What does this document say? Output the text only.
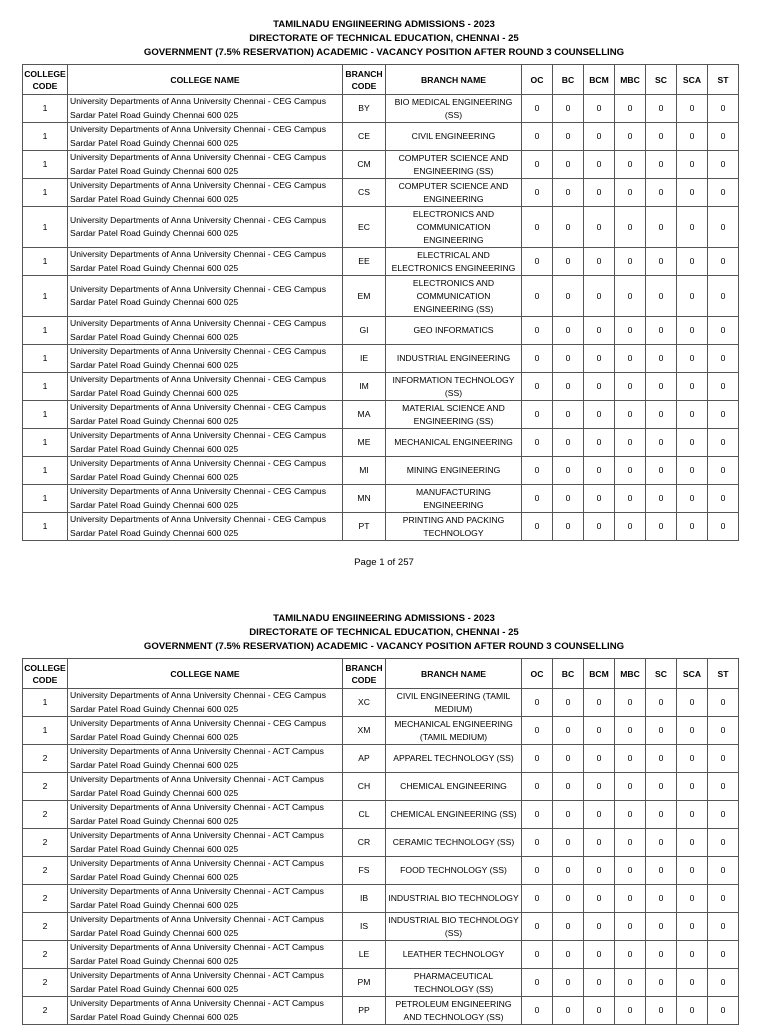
TAMILNADU ENGIINEERING ADMISSIONS - 2023
DIRECTORATE OF TECHNICAL EDUCATION, CHENNAI - 25
GOVERNMENT (7.5% RESERVATION) ACADEMIC - VACANCY POSITION AFTER ROUND 3 COUNSELLING
COLLEGE CODE	COLLEGE NAME	BRANCH CODE	BRANCH NAME	OC	BC	BCM	MBC	SC	SCA	ST
1	University Departments of Anna University Chennai - CEG Campus Sardar Patel Road Guindy Chennai 600 025	BY	BIO MEDICAL ENGINEERING (SS)	0	0	0	0	0	0	0
1	University Departments of Anna University Chennai - CEG Campus Sardar Patel Road Guindy Chennai 600 025	CE	CIVIL ENGINEERING	0	0	0	0	0	0	0
1	University Departments of Anna University Chennai - CEG Campus Sardar Patel Road Guindy Chennai 600 025	CM	COMPUTER SCIENCE AND ENGINEERING (SS)	0	0	0	0	0	0	0
1	University Departments of Anna University Chennai - CEG Campus Sardar Patel Road Guindy Chennai 600 025	CS	COMPUTER SCIENCE AND ENGINEERING	0	0	0	0	0	0	0
1	University Departments of Anna University Chennai - CEG Campus Sardar Patel Road Guindy Chennai 600 025	EC	ELECTRONICS AND COMMUNICATION ENGINEERING	0	0	0	0	0	0	0
1	University Departments of Anna University Chennai - CEG Campus Sardar Patel Road Guindy Chennai 600 025	EE	ELECTRICAL AND ELECTRONICS ENGINEERING	0	0	0	0	0	0	0
1	University Departments of Anna University Chennai - CEG Campus Sardar Patel Road Guindy Chennai 600 025	EM	ELECTRONICS AND COMMUNICATION ENGINEERING (SS)	0	0	0	0	0	0	0
1	University Departments of Anna University Chennai - CEG Campus Sardar Patel Road Guindy Chennai 600 025	GI	GEO INFORMATICS	0	0	0	0	0	0	0
1	University Departments of Anna University Chennai - CEG Campus Sardar Patel Road Guindy Chennai 600 025	IE	INDUSTRIAL ENGINEERING	0	0	0	0	0	0	0
1	University Departments of Anna University Chennai - CEG Campus Sardar Patel Road Guindy Chennai 600 025	IM	INFORMATION TECHNOLOGY (SS)	0	0	0	0	0	0	0
1	University Departments of Anna University Chennai - CEG Campus Sardar Patel Road Guindy Chennai 600 025	MA	MATERIAL SCIENCE AND ENGINEERING (SS)	0	0	0	0	0	0	0
1	University Departments of Anna University Chennai - CEG Campus Sardar Patel Road Guindy Chennai 600 025	ME	MECHANICAL ENGINEERING	0	0	0	0	0	0	0
1	University Departments of Anna University Chennai - CEG Campus Sardar Patel Road Guindy Chennai 600 025	MI	MINING ENGINEERING	0	0	0	0	0	0	0
1	University Departments of Anna University Chennai - CEG Campus Sardar Patel Road Guindy Chennai 600 025	MN	MANUFACTURING ENGINEERING	0	0	0	0	0	0	0
1	University Departments of Anna University Chennai - CEG Campus Sardar Patel Road Guindy Chennai 600 025	PT	PRINTING AND PACKING TECHNOLOGY	0	0	0	0	0	0	0
Page 1 of 257
TAMILNADU ENGIINEERING ADMISSIONS - 2023
DIRECTORATE OF TECHNICAL EDUCATION, CHENNAI - 25
GOVERNMENT (7.5% RESERVATION) ACADEMIC - VACANCY POSITION AFTER ROUND 3 COUNSELLING
COLLEGE CODE	COLLEGE NAME	BRANCH CODE	BRANCH NAME	OC	BC	BCM	MBC	SC	SCA	ST
1	University Departments of Anna University Chennai - CEG Campus Sardar Patel Road Guindy Chennai 600 025	XC	CIVIL ENGINEERING (TAMIL MEDIUM)	0	0	0	0	0	0	0
1	University Departments of Anna University Chennai - CEG Campus Sardar Patel Road Guindy Chennai 600 025	XM	MECHANICAL ENGINEERING (TAMIL MEDIUM)	0	0	0	0	0	0	0
2	University Departments of Anna University Chennai - ACT Campus Sardar Patel Road Guindy Chennai 600 025	AP	APPAREL TECHNOLOGY (SS)	0	0	0	0	0	0	0
2	University Departments of Anna University Chennai - ACT Campus Sardar Patel Road Guindy Chennai 600 025	CH	CHEMICAL ENGINEERING	0	0	0	0	0	0	0
2	University Departments of Anna University Chennai - ACT Campus Sardar Patel Road Guindy Chennai 600 025	CL	CHEMICAL ENGINEERING (SS)	0	0	0	0	0	0	0
2	University Departments of Anna University Chennai - ACT Campus Sardar Patel Road Guindy Chennai 600 025	CR	CERAMIC TECHNOLOGY (SS)	0	0	0	0	0	0	0
2	University Departments of Anna University Chennai - ACT Campus Sardar Patel Road Guindy Chennai 600 025	FS	FOOD TECHNOLOGY (SS)	0	0	0	0	0	0	0
2	University Departments of Anna University Chennai - ACT Campus Sardar Patel Road Guindy Chennai 600 025	IB	INDUSTRIAL BIO TECHNOLOGY	0	0	0	0	0	0	0
2	University Departments of Anna University Chennai - ACT Campus Sardar Patel Road Guindy Chennai 600 025	IS	INDUSTRIAL BIO TECHNOLOGY (SS)	0	0	0	0	0	0	0
2	University Departments of Anna University Chennai - ACT Campus Sardar Patel Road Guindy Chennai 600 025	LE	LEATHER TECHNOLOGY	0	0	0	0	0	0	0
2	University Departments of Anna University Chennai - ACT Campus Sardar Patel Road Guindy Chennai 600 025	PM	PHARMACEUTICAL TECHNOLOGY (SS)	0	0	0	0	0	0	0
2	University Departments of Anna University Chennai - ACT Campus Sardar Patel Road Guindy Chennai 600 025	PP	PETROLEUM ENGINEERING AND TECHNOLOGY (SS)	0	0	0	0	0	0	0
